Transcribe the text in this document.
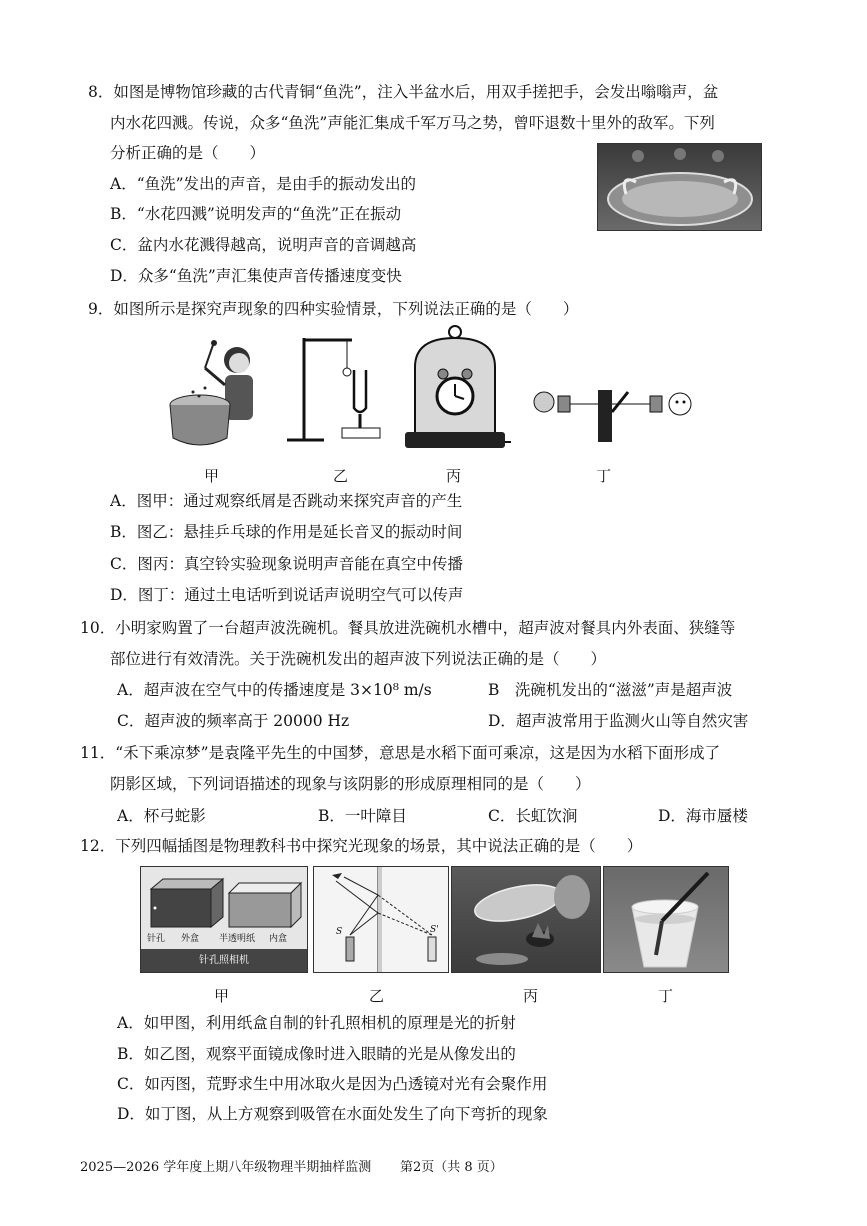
8．如图是博物馆珍藏的古代青铜“鱼洗”，注入半盆水后，用双手搓把手，会发出嗡嗡声，盆
内水花四溅。传说，众多“鱼洗”声能汇集成千军万马之势，曾吓退数十里外的敌军。下列
分析正确的是（　　）
A．“鱼洗”发出的声音，是由手的振动发出的
B．“水花四溅”说明发声的“鱼洗”正在振动
C．盆内水花溅得越高，说明声音的音调越高
D．众多“鱼洗”声汇集使声音传播速度变快
9．如图所示是探究声现象的四种实验情景，下列说法正确的是（　　）
甲	乙	丙	丁
A．图甲：通过观察纸屑是否跳动来探究声音的产生
B．图乙：悬挂乒乓球的作用是延长音叉的振动时间
C．图丙：真空铃实验现象说明声音能在真空中传播
D．图丁：通过土电话听到说话声说明空气可以传声
10．小明家购置了一台超声波洗碗机。餐具放进洗碗机水槽中，超声波对餐具内外表面、狭缝等
部位进行有效清洗。关于洗碗机发出的超声波下列说法正确的是（　　）
A．超声波在空气中的传播速度是 3×10⁸ m/s	B　洗碗机发出的“滋滋”声是超声波
C．超声波的频率高于 20000 Hz	D．超声波常用于监测火山等自然灾害
11．“禾下乘凉梦”是袁隆平先生的中国梦，意思是水稻下面可乘凉，这是因为水稻下面形成了
阴影区域，下列词语描述的现象与该阴影的形成原理相同的是（　　）
A．杯弓蛇影	B．一叶障目	C．长虹饮涧	D．海市蜃楼
12．下列四幅插图是物理教科书中探究光现象的场景，其中说法正确的是（　　）
针孔 外盒 半透明纸 内盒
针孔照相机
甲
S	S'
乙	丙	丁
A．如甲图，利用纸盒自制的针孔照相机的原理是光的折射
B．如乙图，观察平面镜成像时进入眼睛的光是从像发出的
C．如丙图，荒野求生中用冰取火是因为凸透镜对光有会聚作用
D．如丁图，从上方观察到吸管在水面处发生了向下弯折的现象
2025—2026 学年度上期八年级物理半期抽样监测 第2页（共 8 页）
